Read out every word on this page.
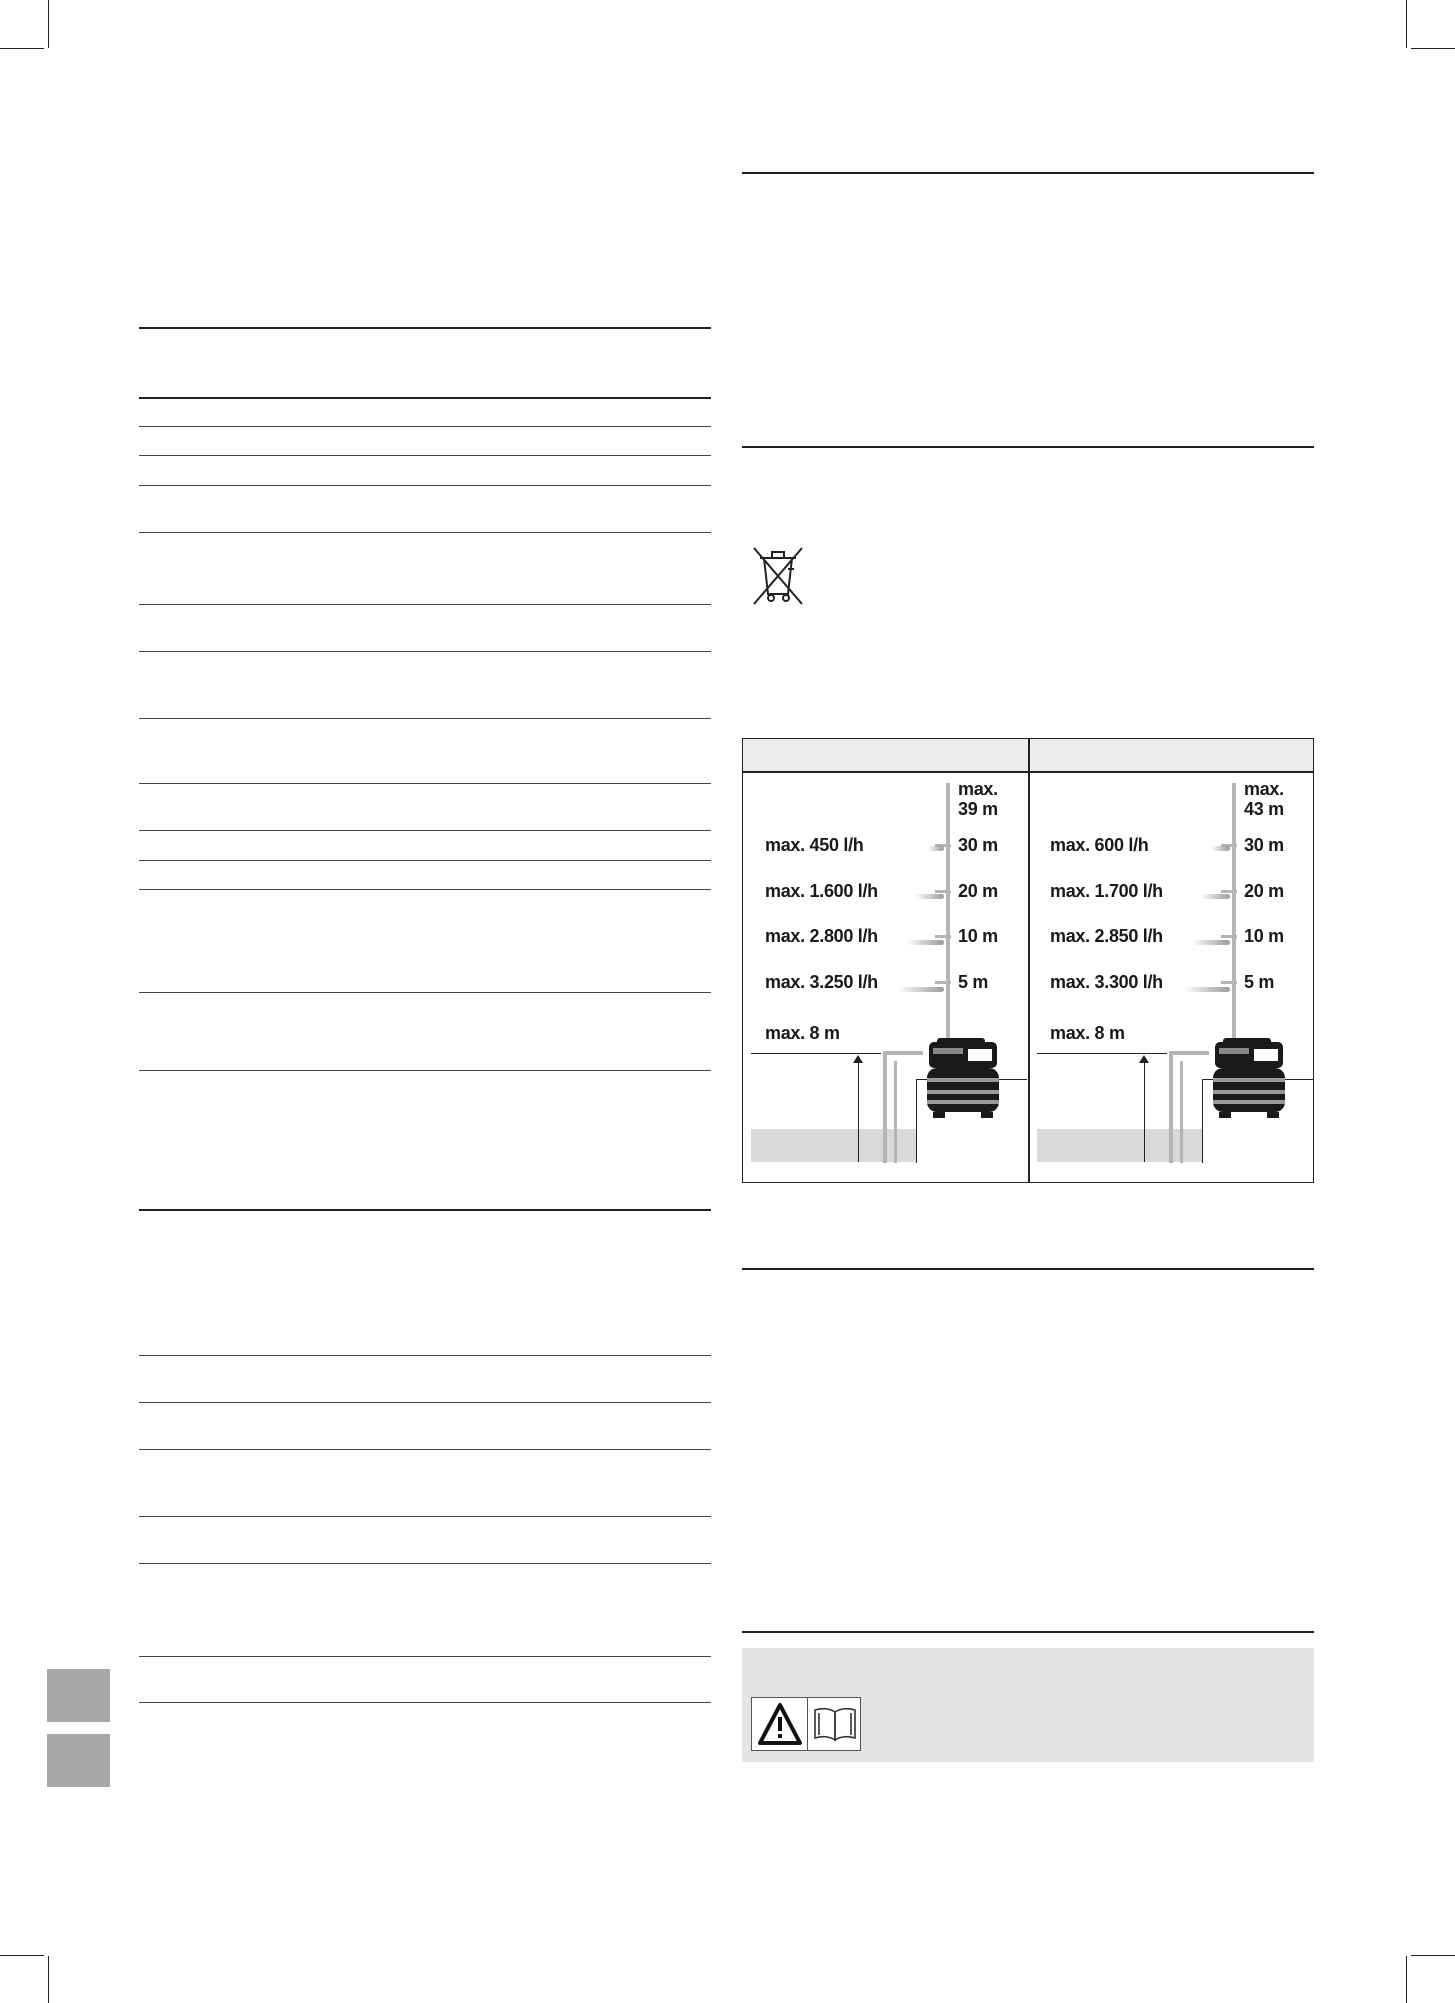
max.
39 m
max. 450 l/h	30 m
max. 1.600 l/h	20 m
max. 2.800 l/h	10 m
max. 3.250 l/h	5 m
max. 8 m
max.
43 m
max. 600 l/h	30 m
max. 1.700 l/h	20 m
max. 2.850 l/h	10 m
max. 3.300 l/h	5 m
max. 8 m
